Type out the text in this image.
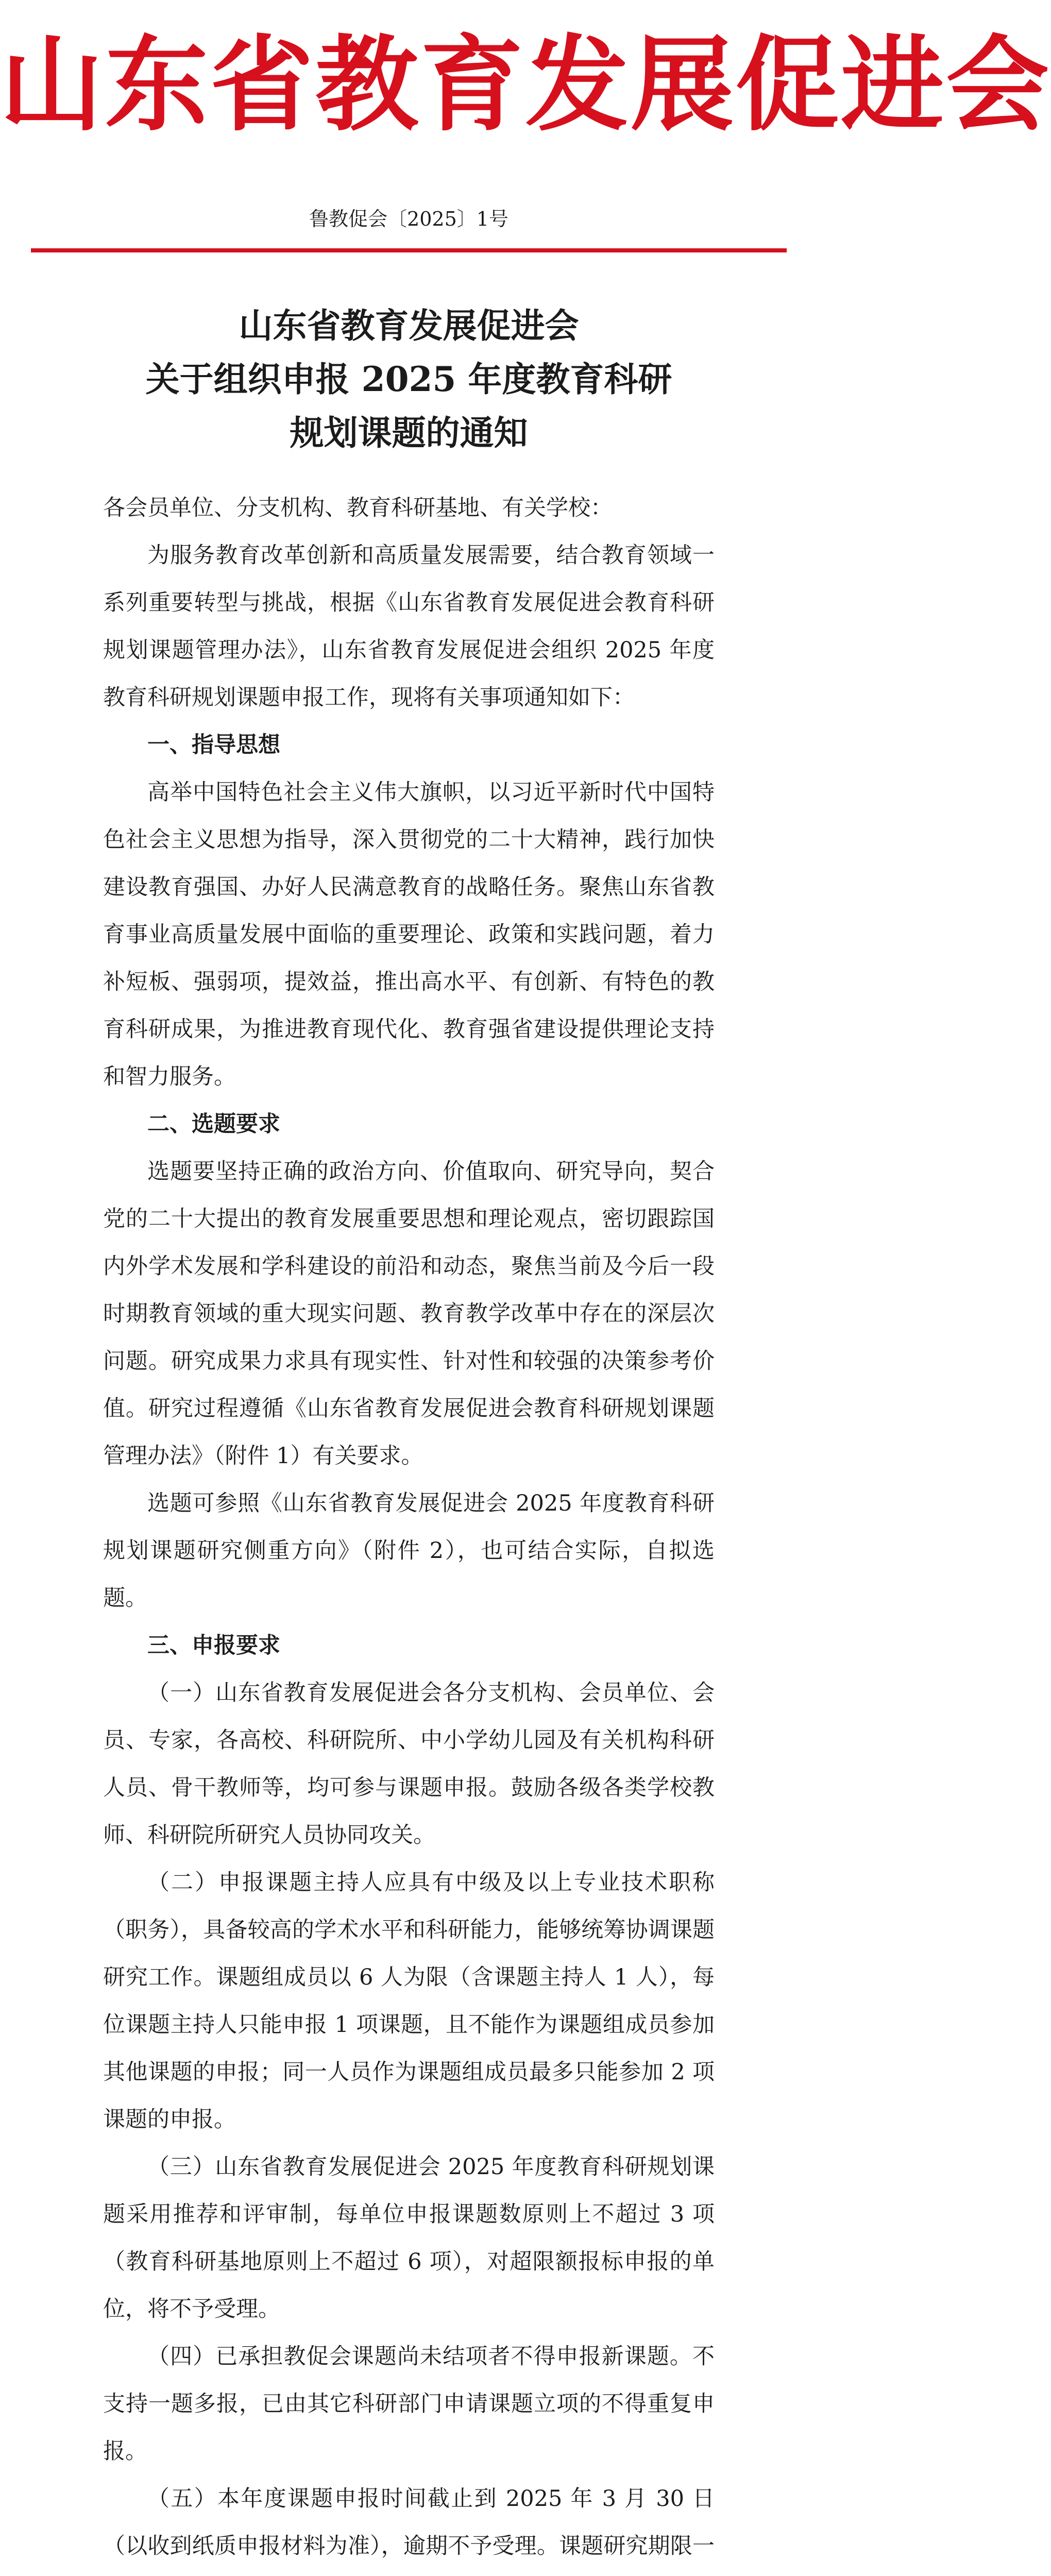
山东省教育发展促进会
鲁教促会〔2025〕1号
山东省教育发展促进会
关于组织申报 2025 年度教育科研
规划课题的通知

各会员单位、分支机构、教育科研基地、有关学校：

为服务教育改革创新和高质量发展需要，结合教育领域一系列重要转型与挑战，根据《山东省教育发展促进会教育科研规划课题管理办法》，山东省教育发展促进会组织 2025 年度教育科研规划课题申报工作，现将有关事项通知如下：

一、指导思想

高举中国特色社会主义伟大旗帜，以习近平新时代中国特色社会主义思想为指导，深入贯彻党的二十大精神，践行加快建设教育强国、办好人民满意教育的战略任务。聚焦山东省教育事业高质量发展中面临的重要理论、政策和实践问题，着力补短板、强弱项，提效益，推出高水平、有创新、有特色的教育科研成果，为推进教育现代化、教育强省建设提供理论支持和智力服务。

二、选题要求

选题要坚持正确的政治方向、价值取向、研究导向，契合党的二十大提出的教育发展重要思想和理论观点，密切跟踪国内外学术发展和学科建设的前沿和动态，聚焦当前及今后一段时期教育领域的重大现实问题、教育教学改革中存在的深层次问题。研究成果力求具有现实性、针对性和较强的决策参考价值。研究过程遵循《山东省教育发展促进会教育科研规划课题管理办法》（附件 1）有关要求。

选题可参照《山东省教育发展促进会 2025 年度教育科研规划课题研究侧重方向》（附件 2），也可结合实际，自拟选题。

三、申报要求

（一）山东省教育发展促进会各分支机构、会员单位、会员、专家，各高校、科研院所、中小学幼儿园及有关机构科研人员、骨干教师等，均可参与课题申报。鼓励各级各类学校教师、科研院所研究人员协同攻关。

（二）申报课题主持人应具有中级及以上专业技术职称（职务），具备较高的学术水平和科研能力，能够统筹协调课题研究工作。课题组成员以 6 人为限（含课题主持人 1 人），每位课题主持人只能申报 1 项课题，且不能作为课题组成员参加其他课题的申报；同一人员作为课题组成员最多只能参加 2 项课题的申报。

（三）山东省教育发展促进会 2025 年度教育科研规划课题采用推荐和评审制，每单位申报课题数原则上不超过 3 项（教育科研基地原则上不超过 6 项），对超限额报标申报的单位，将不予受理。

（四）已承担教促会课题尚未结项者不得申报新课题。不支持一题多报，已由其它科研部门申请课题立项的不得重复申报。

（五）本年度课题申报时间截止到 2025 年 3 月 30 日（以收到纸质申报材料为准），逾期不予受理。课题研究期限一
